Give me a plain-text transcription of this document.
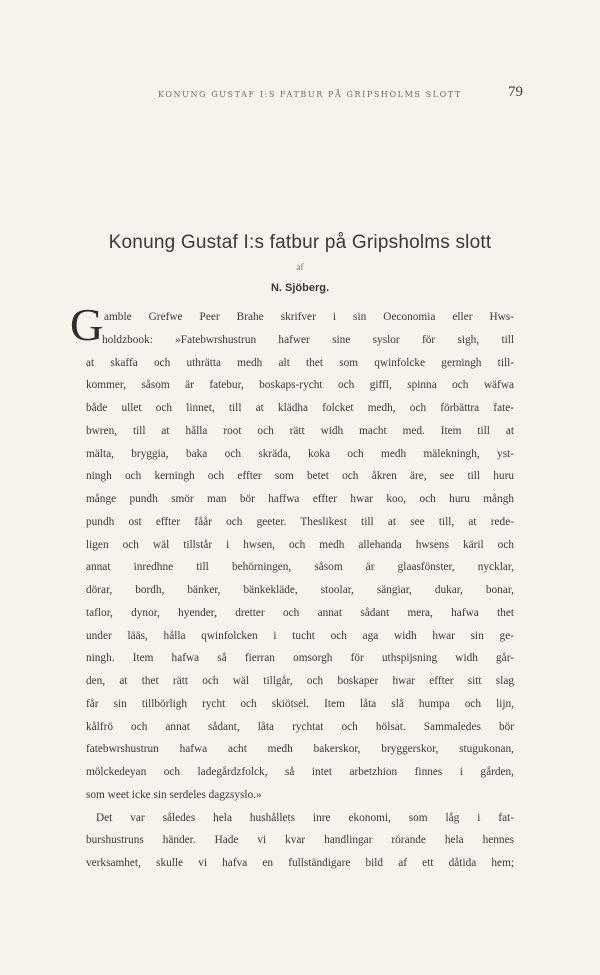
KONUNG GUSTAF I:S FATBUR PÅ GRIPSHOLMS SLOTT	79
Konung Gustaf I:s fatbur på Gripsholms slott
af
N. Sjöberg.
G amble Grefwe Peer Brahe skrifver i sin Oeconomia eller Hws-
holdzbook: »Fatebwrshustrun hafwer sine syslor för sigh, till
at skaffa och uthrätta medh alt thet som qwinfolcke gerningh till-
kommer, såsom är fatebur, boskaps-rycht och giffl, spinna och wäfwa
både ullet och linnet, till at klädha folcket medh, och förbättra fate-
bwren, till at hålla root och rätt widh macht med. Item till at
mälta, bryggia, baka och skräda, koka och medh mälekningh, yst-
ningh och kerningh och effter som betet och åkren äre, see till huru
månge pundh smör man bör haffwa effter hwar koo, och huru mångh
pundh ost effter fåår och geeter. Theslikest till at see till, at rede-
ligen och wäl tillstår i hwsen, och medh allehanda hwsens käril och
annat inredhne till behörningen, såsom är glaasfönster, nycklar,
dörar, bordh, bänker, bänkekläde, stoolar, sängiar, dukar, bonar,
taflor, dynor, hyender, dretter och annat sådant mera, hafwa thet
under lääs, hålla qwinfolcken i tucht och aga widh hwar sin ge-
ningh. Item hafwa så fierran omsorgh för uthspijsning widh går-
den, at thet rätt och wäl tillgår, och boskaper hwar effter sitt slag
får sin tillbörligh rycht och skiötsel. Item låta slå humpa och lijn,
kålfrö och annat sådant, låta rychtat och hölsat. Sammaledes bör
fatebwrshustrun hafwa acht medh bakerskor, bryggerskor, stugukonan,
mölckedeyan och ladegårdzfolck, så intet arbetzhion finnes i gården,
som weet icke sin serdeles dagzsyslo.»
Det var således hela hushållets inre ekonomi, som låg i fat-
burshustruns händer. Hade vi kvar handlingar rörande hela hennes
verksamhet, skulle vi hafva en fullständigare bild af ett dåtida hem;
